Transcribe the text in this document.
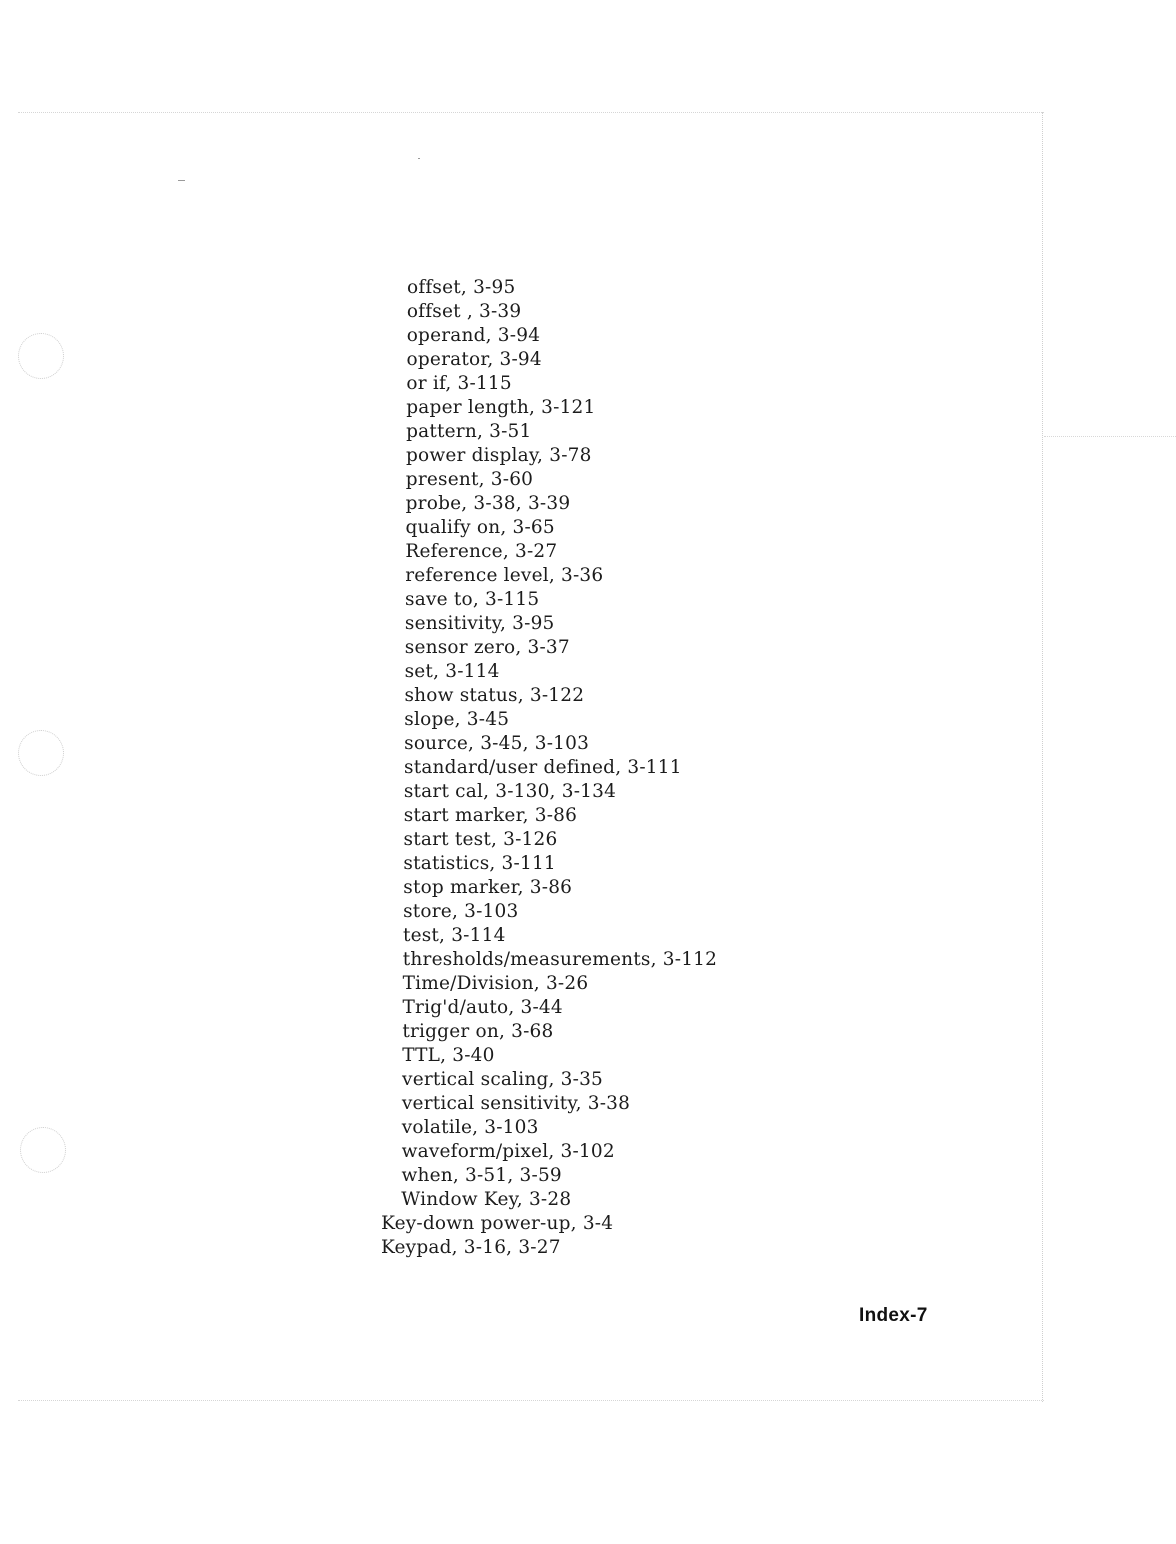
offset, 3-95
offset , 3-39
operand, 3-94
operator, 3-94
or if, 3-115
paper length, 3-121
pattern, 3-51
power display, 3-78
present, 3-60
probe, 3-38, 3-39
qualify on, 3-65
Reference, 3-27
reference level, 3-36
save to, 3-115
sensitivity, 3-95
sensor zero, 3-37
set, 3-114
show status, 3-122
slope, 3-45
source, 3-45, 3-103
standard/user defined, 3-111
start cal, 3-130, 3-134
start marker, 3-86
start test, 3-126
statistics, 3-111
stop marker, 3-86
store, 3-103
test, 3-114
thresholds/measurements, 3-112
Time/Division, 3-26
Trig'd/auto, 3-44
trigger on, 3-68
TTL, 3-40
vertical scaling, 3-35
vertical sensitivity, 3-38
volatile, 3-103
waveform/pixel, 3-102
when, 3-51, 3-59
Window Key, 3-28
Key-down power-up, 3-4
Keypad, 3-16, 3-27
Index-7
